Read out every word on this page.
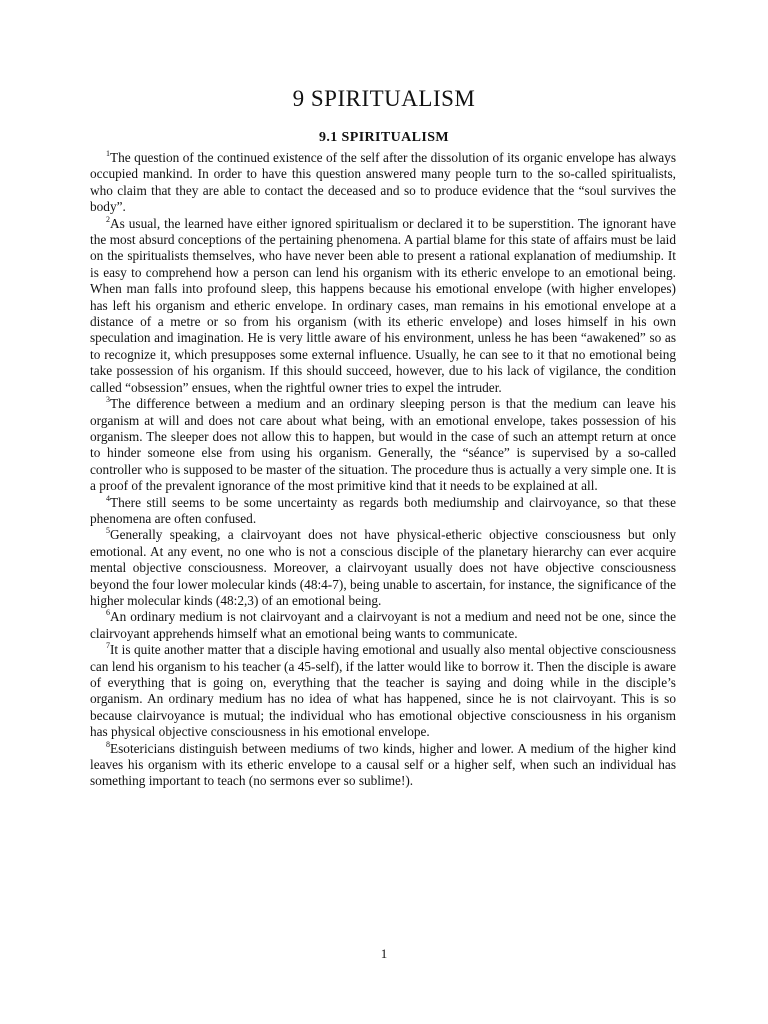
9 SPIRITUALISM
9.1 SPIRITUALISM

$^1$The question of the continued existence of the self after the dissolution of its organic envelope has always occupied mankind. In order to have this question answered many people turn to the so-called spiritualists, who claim that they are able to contact the deceased and so to produce evidence that the “soul survives the body”.

$^2$As usual, the learned have either ignored spiritualism or declared it to be superstition. The ignorant have the most absurd conceptions of the pertaining phenomena. A partial blame for this state of affairs must be laid on the spiritualists themselves, who have never been able to present a rational explanation of mediumship. It is easy to comprehend how a person can lend his organism with its etheric envelope to an emotional being. When man falls into profound sleep, this happens because his emotional envelope (with higher envelopes) has left his organism and etheric envelope. In ordinary cases, man remains in his emotional envelope at a distance of a metre or so from his organism (with its etheric envelope) and loses himself in his own speculation and imagination. He is very little aware of his environment, unless he has been “awakened” so as to recognize it, which presupposes some external influence. Usually, he can see to it that no emotional being take possession of his organism. If this should succeed, however, due to his lack of vigilance, the condition called “obsession” ensues, when the rightful owner tries to expel the intruder.

$^3$The difference between a medium and an ordinary sleeping person is that the medium can leave his organism at will and does not care about what being, with an emotional envelope, takes possession of his organism. The sleeper does not allow this to happen, but would in the case of such an attempt return at once to hinder someone else from using his organism. Generally, the “séance” is supervised by a so-called controller who is supposed to be master of the situation. The procedure thus is actually a very simple one. It is a proof of the prevalent ignorance of the most primitive kind that it needs to be explained at all.

$^4$There still seems to be some uncertainty as regards both mediumship and clairvoyance, so that these phenomena are often confused.

$^5$Generally speaking, a clairvoyant does not have physical-etheric objective consciousness but only emotional. At any event, no one who is not a conscious disciple of the planetary hierarchy can ever acquire mental objective consciousness. Moreover, a clairvoyant usually does not have objective consciousness beyond the four lower molecular kinds (48:4-7), being unable to ascertain, for instance, the significance of the higher molecular kinds (48:2,3) of an emotional being.

$^6$An ordinary medium is not clairvoyant and a clairvoyant is not a medium and need not be one, since the clairvoyant apprehends himself what an emotional being wants to communicate.

$^7$It is quite another matter that a disciple having emotional and usually also mental objective consciousness can lend his organism to his teacher (a 45-self), if the latter would like to borrow it. Then the disciple is aware of everything that is going on, everything that the teacher is saying and doing while in the disciple’s organism. An ordinary medium has no idea of what has happened, since he is not clairvoyant. This is so because clairvoyance is mutual; the individual who has emotional objective consciousness in his organism has physical objective consciousness in his emotional envelope.

$^8$Esotericians distinguish between mediums of two kinds, higher and lower. A medium of the higher kind leaves his organism with its etheric envelope to a causal self or a higher self, when such an individual has something important to teach (no sermons ever so sublime!).

1
